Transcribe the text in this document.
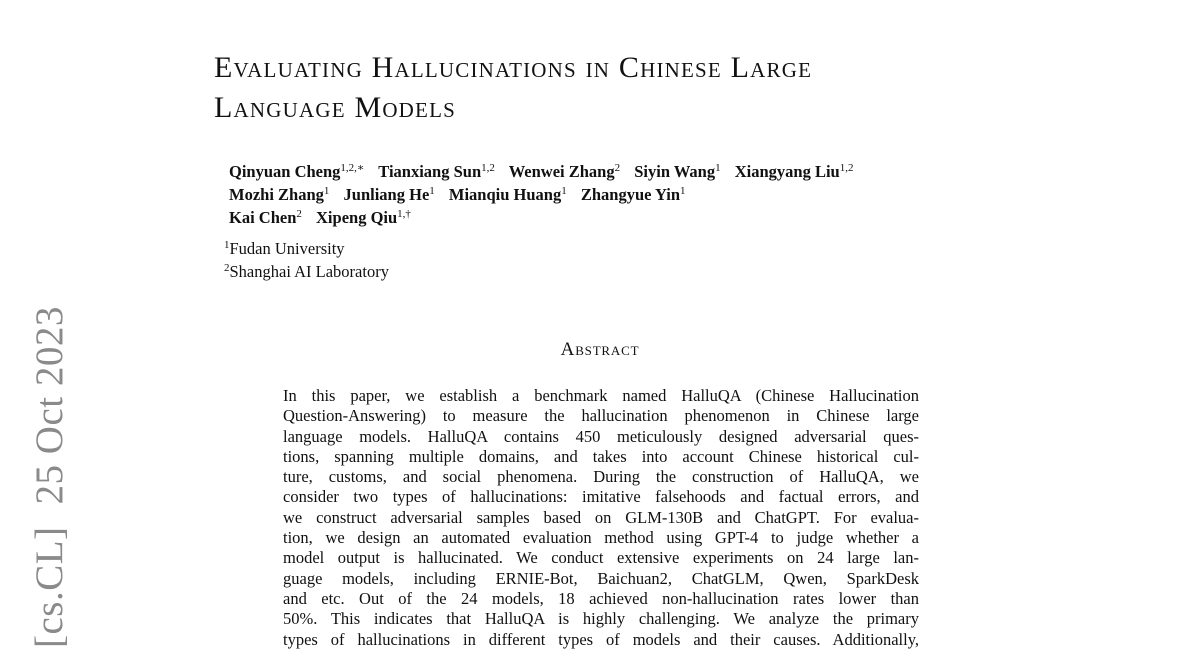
[cs.CL]25 Oct 2023
Evaluating Hallucinations in Chinese Large
Language Models
Qinyuan Cheng$^{1,2,∗}$ Tianxiang Sun$^{1,2}$ Wenwei Zhang$^2$ Siyin Wang$^1$ Xiangyang Liu$^{1,2}$
Mozhi Zhang$^1$ Junliang He$^1$ Mianqiu Huang$^1$ Zhangyue Yin$^1$
Kai Chen$^2$ Xipeng Qiu$^{1,\dagger}$
$^1$Fudan University
$^2$Shanghai AI Laboratory
Abstract
In this paper, we establish a benchmark named HalluQA (Chinese Hallucination
Question-Answering) to measure the hallucination phenomenon in Chinese large
language models. HalluQA contains 450 meticulously designed adversarial ques-
tions, spanning multiple domains, and takes into account Chinese historical cul-
ture, customs, and social phenomena. During the construction of HalluQA, we
consider two types of hallucinations: imitative falsehoods and factual errors, and
we construct adversarial samples based on GLM-130B and ChatGPT. For evalua-
tion, we design an automated evaluation method using GPT-4 to judge whether a
model output is hallucinated. We conduct extensive experiments on 24 large lan-
guage models, including ERNIE-Bot, Baichuan2, ChatGLM, Qwen, SparkDesk
and etc. Out of the 24 models, 18 achieved non-hallucination rates lower than
50%. This indicates that HalluQA is highly challenging. We analyze the primary
types of hallucinations in different types of models and their causes. Additionally,
